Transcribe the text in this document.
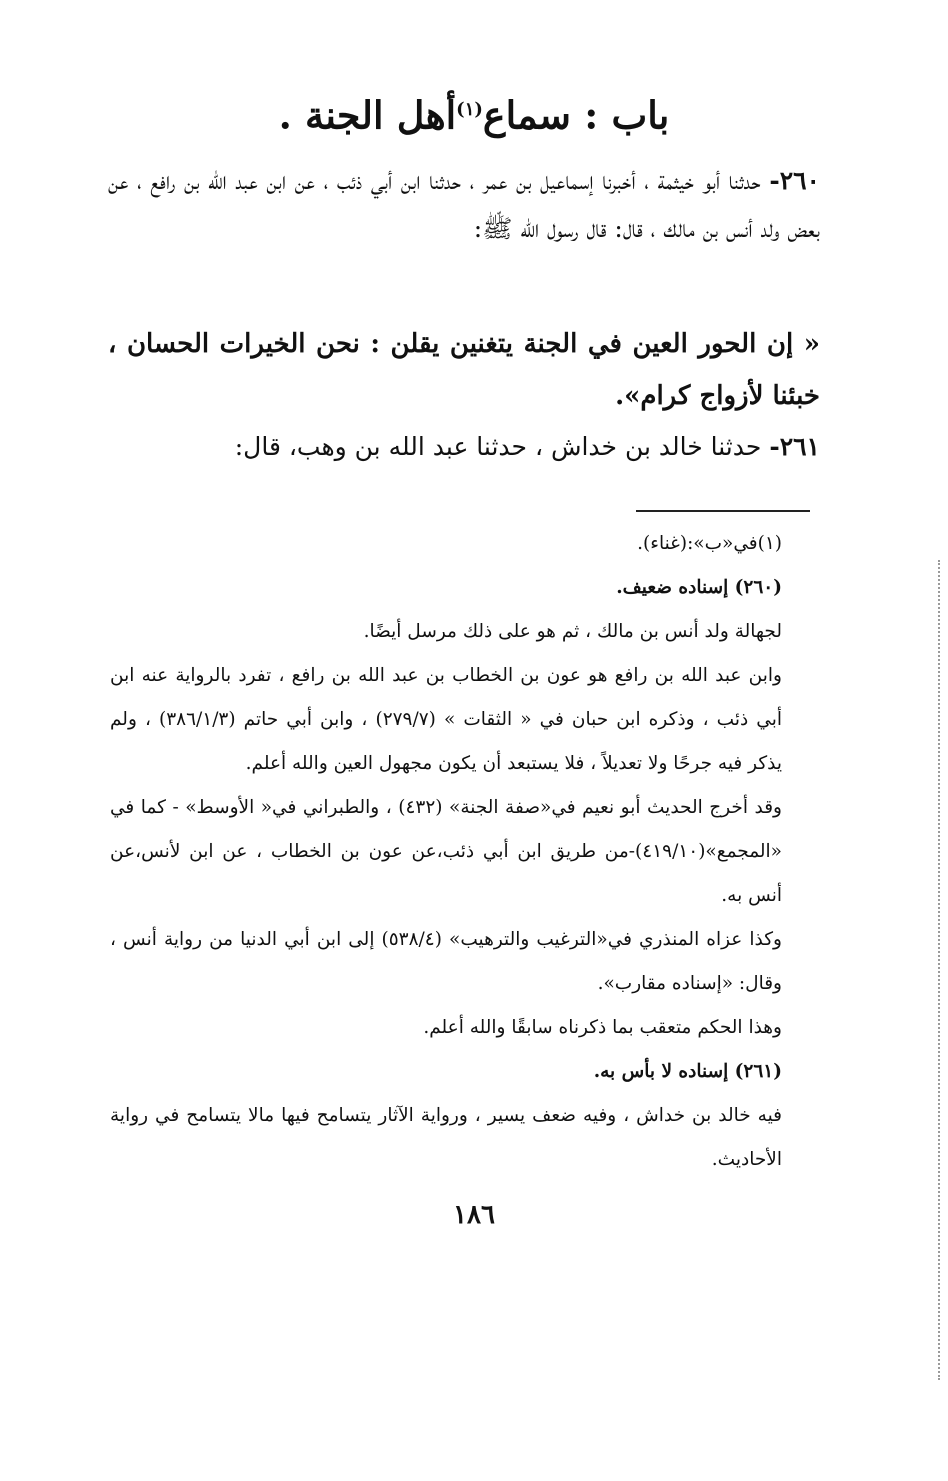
باب : سماع$^{(١)}$أهل الجنة .
٢٦٠- حدثنا أبو خيثمة ، أخبرنا إسماعيل بن عمر ، حدثنا ابن أبي ذئب ، عن ابن عبد الله بن رافع ، عن بعض ولد أنس بن مالك ، قال: قال رسول الله ﷺ:
« إن الحور العين في الجنة يتغنين يقلن : نحن الخيرات الحسان ، خبئنا لأزواج كرام».
٢٦١- حدثنا خالد بن خداش ، حدثنا عبد الله بن وهب، قال:

(١)في«ب»:(غناء).

(٢٦٠) إسناده ضعيف.

لجهالة ولد أنس بن مالك ، ثم هو على ذلك مرسل أيضًا.

وابن عبد الله بن رافع هو عون بن الخطاب بن عبد الله بن رافع ، تفرد بالرواية عنه ابن أبي ذئب ، وذكره ابن حبان في « الثقات » (٢٧٩/٧) ، وابن أبي حاتم (٣٨٦/١/٣) ، ولم يذكر فيه جرحًا ولا تعديلاً ، فلا يستبعد أن يكون مجهول العين والله أعلم.

وقد أخرج الحديث أبو نعيم في«صفة الجنة» (٤٣٢) ، والطبراني في« الأوسط» - كما في «المجمع»(٤١٩/١٠)-من طريق ابن أبي ذئب،عن عون بن الخطاب ، عن ابن لأنس،عن أنس به.

وكذا عزاه المنذري في«الترغيب والترهيب» (٥٣٨/٤) إلى ابن أبي الدنيا من رواية أنس ، وقال: «إسناده مقارب».

وهذا الحكم متعقب بما ذكرناه سابقًا والله أعلم.

(٢٦١) إسناده لا بأس به.

فيه خالد بن خداش ، وفيه ضعف يسير ، ورواية الآثار يتسامح فيها مالا يتسامح في رواية الأحاديث.

١٨٦
